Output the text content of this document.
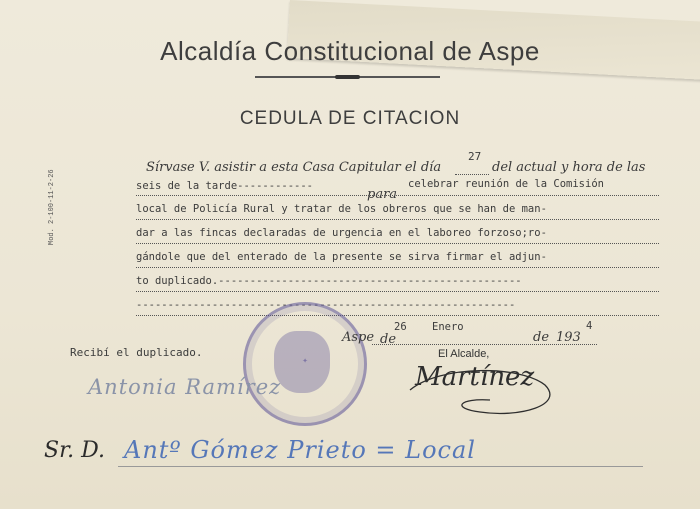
Mod. 2-100-11-2-26
Alcaldía Constitucional de Aspe
CEDULA DE CITACION
Sírvase V. asistir a esta Casa Capitular el día
27
del actual y hora de las
seis de la tarde------------
para
celebrar reunión de la Comisión
local de Policía Rural y tratar de los obreros que se han de man-
dar a las fincas declaradas de urgencia en el laboreo forzoso;ro-
gándole que del enterado de la presente se sirva firmar el adjun-
to duplicado.------------------------------------------------
------------------------------------------------------------
✦
Aspe
26
de
Enero
de 193
4
Recibí el duplicado.
Antonia Ramírez
El Alcalde,
Martínez
Sr. D. Antº Gómez Prieto = Local
